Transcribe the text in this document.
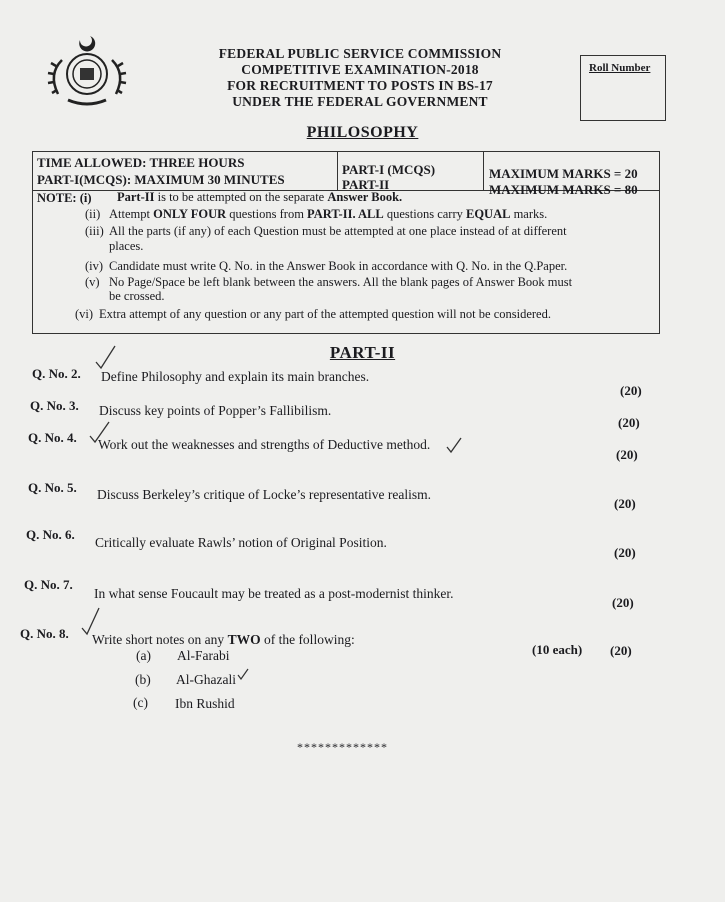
FEDERAL PUBLIC SERVICE COMMISSION
COMPETITIVE EXAMINATION-2018
FOR RECRUITMENT TO POSTS IN BS-17
UNDER THE FEDERAL GOVERNMENT
Roll Number
PHILOSOPHY
TIME ALLOWED: THREE HOURS
PART-I(MCQS): MAXIMUM 30 MINUTES
PART-I (MCQS)
PART-II
MAXIMUM MARKS = 20
MAXIMUM MARKS = 80
NOTE: (i) Part-II is to be attempted on the separate Answer Book.
(ii) Attempt ONLY FOUR questions from PART-II. ALL questions carry EQUAL marks.
(iii) All the parts (if any) of each Question must be attempted at one place instead of at different
places.
(iv) Candidate must write Q. No. in the Answer Book in accordance with Q. No. in the Q.Paper.
(v) No Page/Space be left blank between the answers. All the blank pages of Answer Book must
be crossed.
(vi) Extra attempt of any question or any part of the attempted question will not be considered.
PART-II
Q. No. 2. Define Philosophy and explain its main branches.
(20)
Q. No. 3. Discuss key points of Popper’s Fallibilism.
(20)
Q. No. 4. Work out the weaknesses and strengths of Deductive method.
(20)
Q. No. 5. Discuss Berkeley’s critique of Locke’s representative realism.
(20)
Q. No. 6.
Critically evaluate Rawls’ notion of Original Position.
(20)
Q. No. 7.
In what sense Foucault may be treated as a post-modernist thinker.
(20)
Q. No. 8. Write short notes on any TWO of the following:
(10 each) (20)
(a) Al-Farabi
(b) Al-Ghazali
(c) Ibn Rushid
*************
